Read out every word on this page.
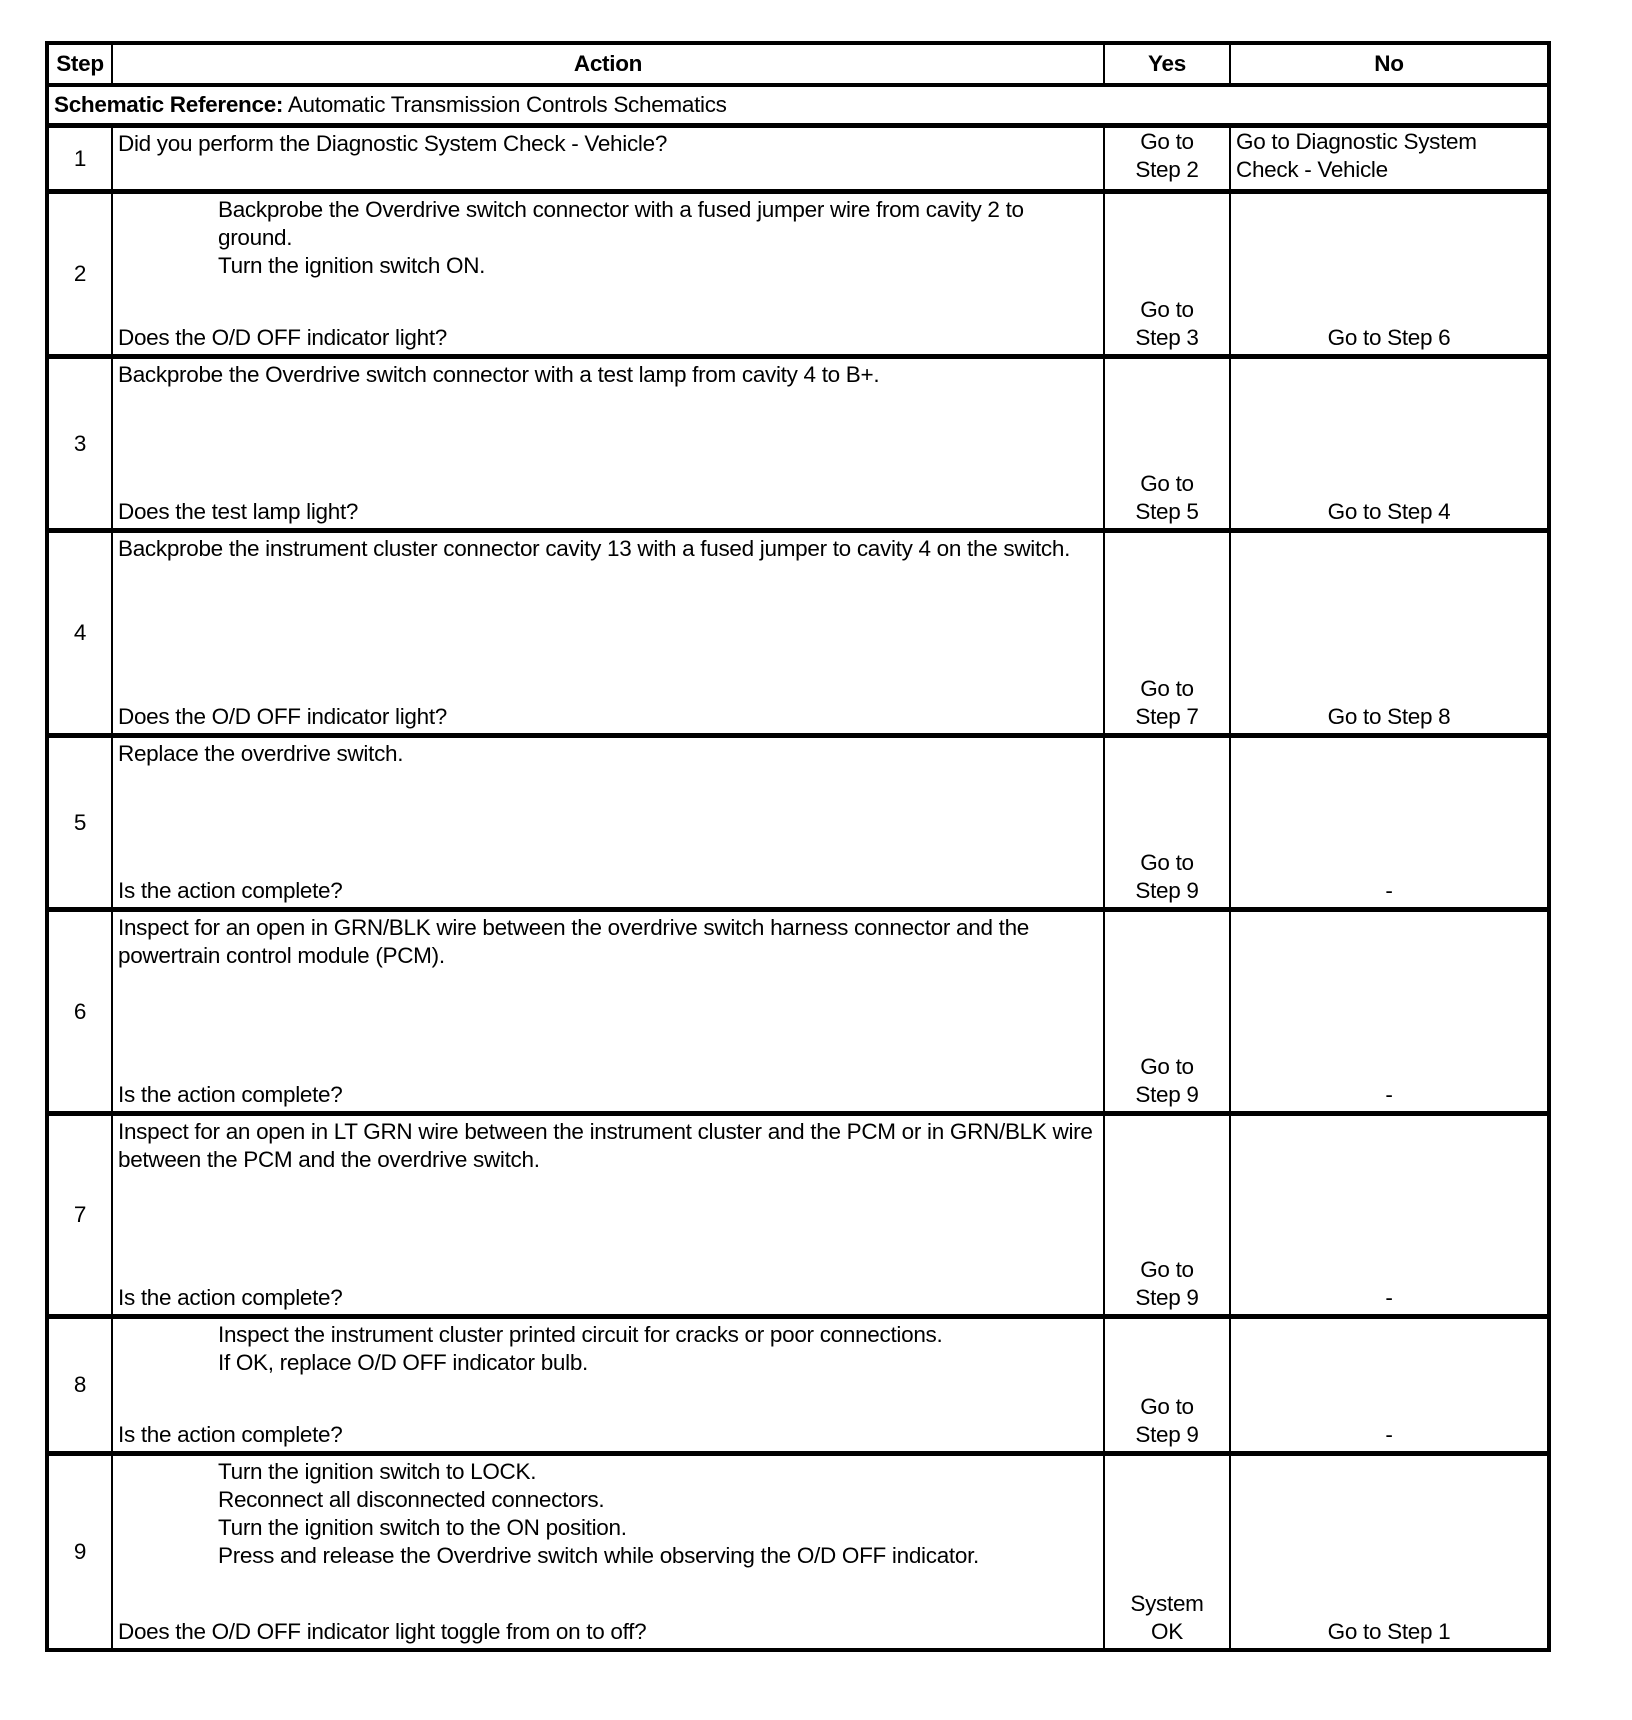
Step	Action	Yes	No
Schematic Reference: Automatic Transmission Controls Schematics			
1	Did you perform the Diagnostic System Check - Vehicle?	Go to Step 2	Go to Diagnostic System Check - Vehicle
2	Backprobe the Overdrive switch connector with a fused jumper wire from cavity 2 to ground.
Turn the ignition switch ON.
Does the O/D OFF indicator light?	Go to Step 3	Go to Step 6
3	Backprobe the Overdrive switch connector with a test lamp from cavity 4 to B+.
Does the test lamp light?	Go to Step 5	Go to Step 4
4	Backprobe the instrument cluster connector cavity 13 with a fused jumper to cavity 4 on the switch.
Does the O/D OFF indicator light?	Go to Step 7	Go to Step 8
5	Replace the overdrive switch.
Is the action complete?	Go to Step 9	-
6	Inspect for an open in GRN/BLK wire between the overdrive switch harness connector and the powertrain control module (PCM).
Is the action complete?	Go to Step 9	-
7	Inspect for an open in LT GRN wire between the instrument cluster and the PCM or in GRN/BLK wire between the PCM and the overdrive switch.
Is the action complete?	Go to Step 9	-
8	Inspect the instrument cluster printed circuit for cracks or poor connections.
If OK, replace O/D OFF indicator bulb.
Is the action complete?	Go to Step 9	-
9	Turn the ignition switch to LOCK.
Reconnect all disconnected connectors.
Turn the ignition switch to the ON position.
Press and release the Overdrive switch while observing the O/D OFF indicator.
Does the O/D OFF indicator light toggle from on to off?	System OK	Go to Step 1
